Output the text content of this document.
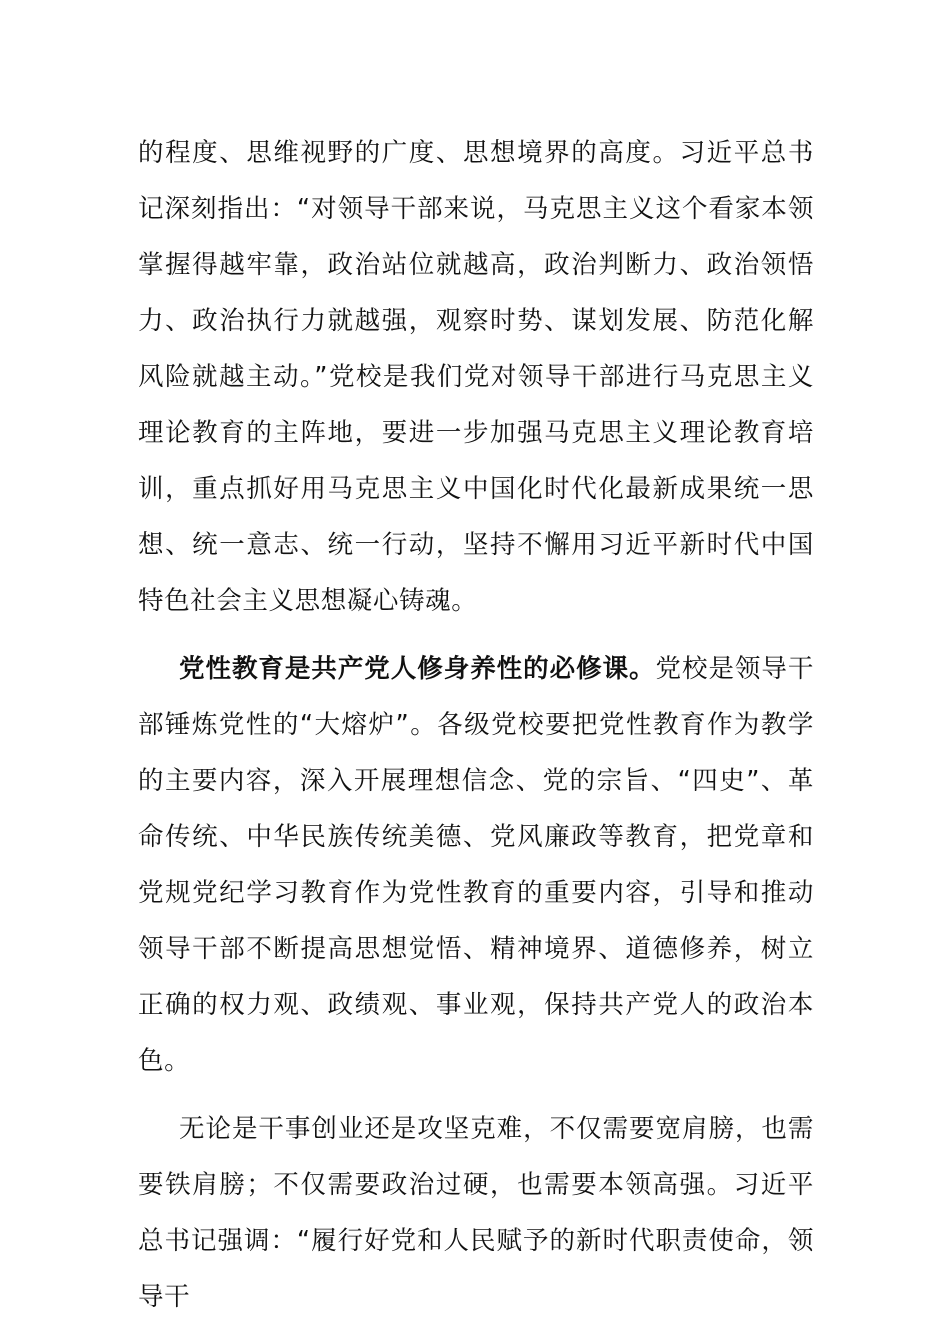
的程度、思维视野的广度、思想境界的高度。习近平总书记深刻指出：“对领导干部来说，马克思主义这个看家本领掌握得越牢靠，政治站位就越高，政治判断力、政治领悟力、政治执行力就越强，观察时势、谋划发展、防范化解风险就越主动。”党校是我们党对领导干部进行马克思主义理论教育的主阵地，要进一步加强马克思主义理论教育培训，重点抓好用马克思主义中国化时代化最新成果统一思想、统一意志、统一行动，坚持不懈用习近平新时代中国特色社会主义思想凝心铸魂。

党性教育是共产党人修身养性的必修课。党校是领导干部锤炼党性的“大熔炉”。各级党校要把党性教育作为教学的主要内容，深入开展理想信念、党的宗旨、“四史”、革命传统、中华民族传统美德、党风廉政等教育，把党章和党规党纪学习教育作为党性教育的重要内容，引导和推动领导干部不断提高思想觉悟、精神境界、道德修养，树立正确的权力观、政绩观、事业观，保持共产党人的政治本色。

无论是干事创业还是攻坚克难，不仅需要宽肩膀，也需要铁肩膀；不仅需要政治过硬，也需要本领高强。习近平总书记强调：“履行好党和人民赋予的新时代职责使命，领导干
